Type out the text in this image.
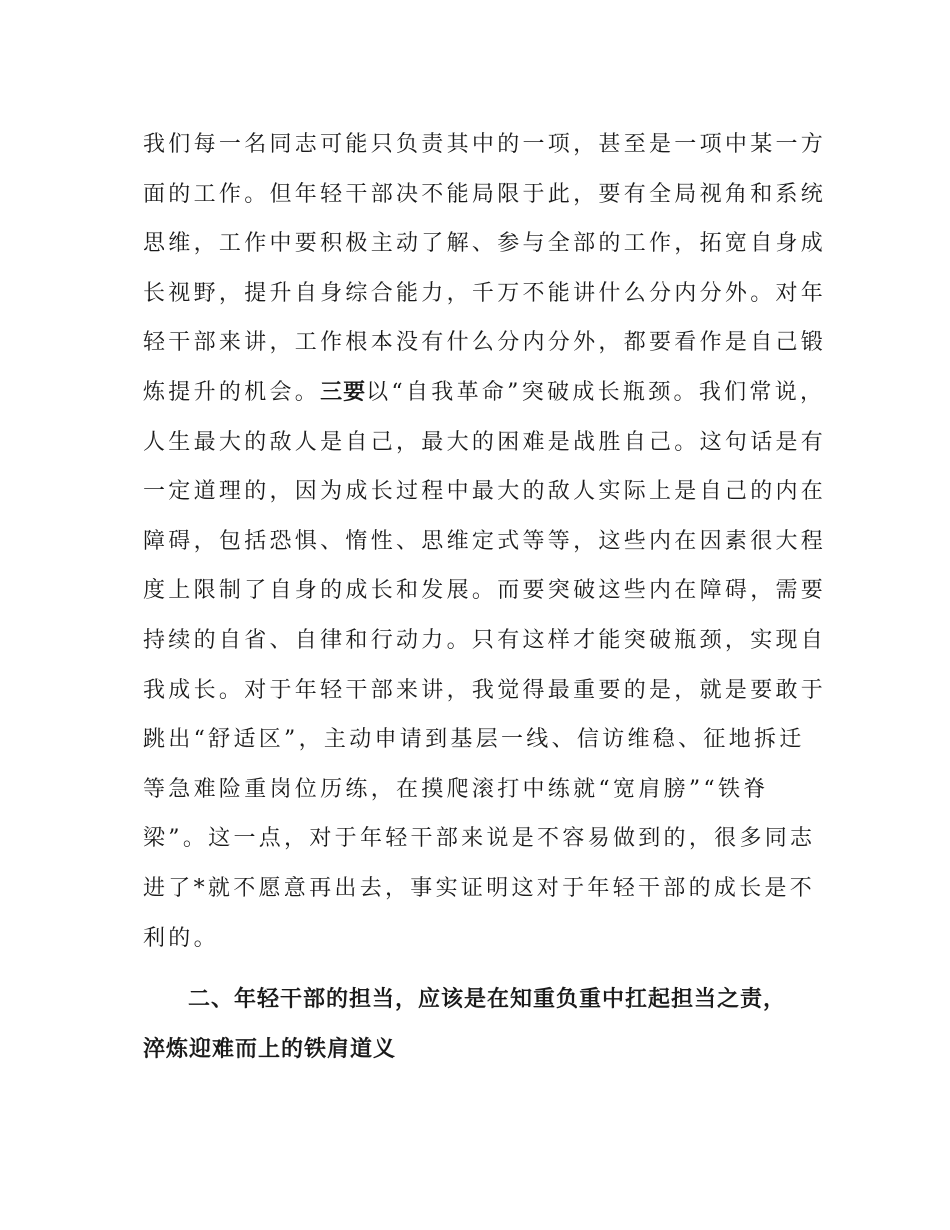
我们每一名同志可能只负责其中的一项，甚至是一项中某一方
面的工作。但年轻干部决不能局限于此，要有全局视角和系统
思维，工作中要积极主动了解、参与全部的工作，拓宽自身成
长视野，提升自身综合能力，千万不能讲什么分内分外。对年
轻干部来讲，工作根本没有什么分内分外，都要看作是自己锻
炼提升的机会。三要以“自我革命”突破成长瓶颈。我们常说，
人生最大的敌人是自己，最大的困难是战胜自己。这句话是有
一定道理的，因为成长过程中最大的敌人实际上是自己的内在
障碍，包括恐惧、惰性、思维定式等等，这些内在因素很大程
度上限制了自身的成长和发展。而要突破这些内在障碍，需要
持续的自省、自律和行动力。只有这样才能突破瓶颈，实现自
我成长。对于年轻干部来讲，我觉得最重要的是，就是要敢于
跳出“舒适区”，主动申请到基层一线、信访维稳、征地拆迁
等急难险重岗位历练，在摸爬滚打中练就“宽肩膀”“铁脊
梁”。这一点，对于年轻干部来说是不容易做到的，很多同志
进了*就不愿意再出去，事实证明这对于年轻干部的成长是不
利的。
二、年轻干部的担当，应该是在知重负重中扛起担当之责，
淬炼迎难而上的铁肩道义
